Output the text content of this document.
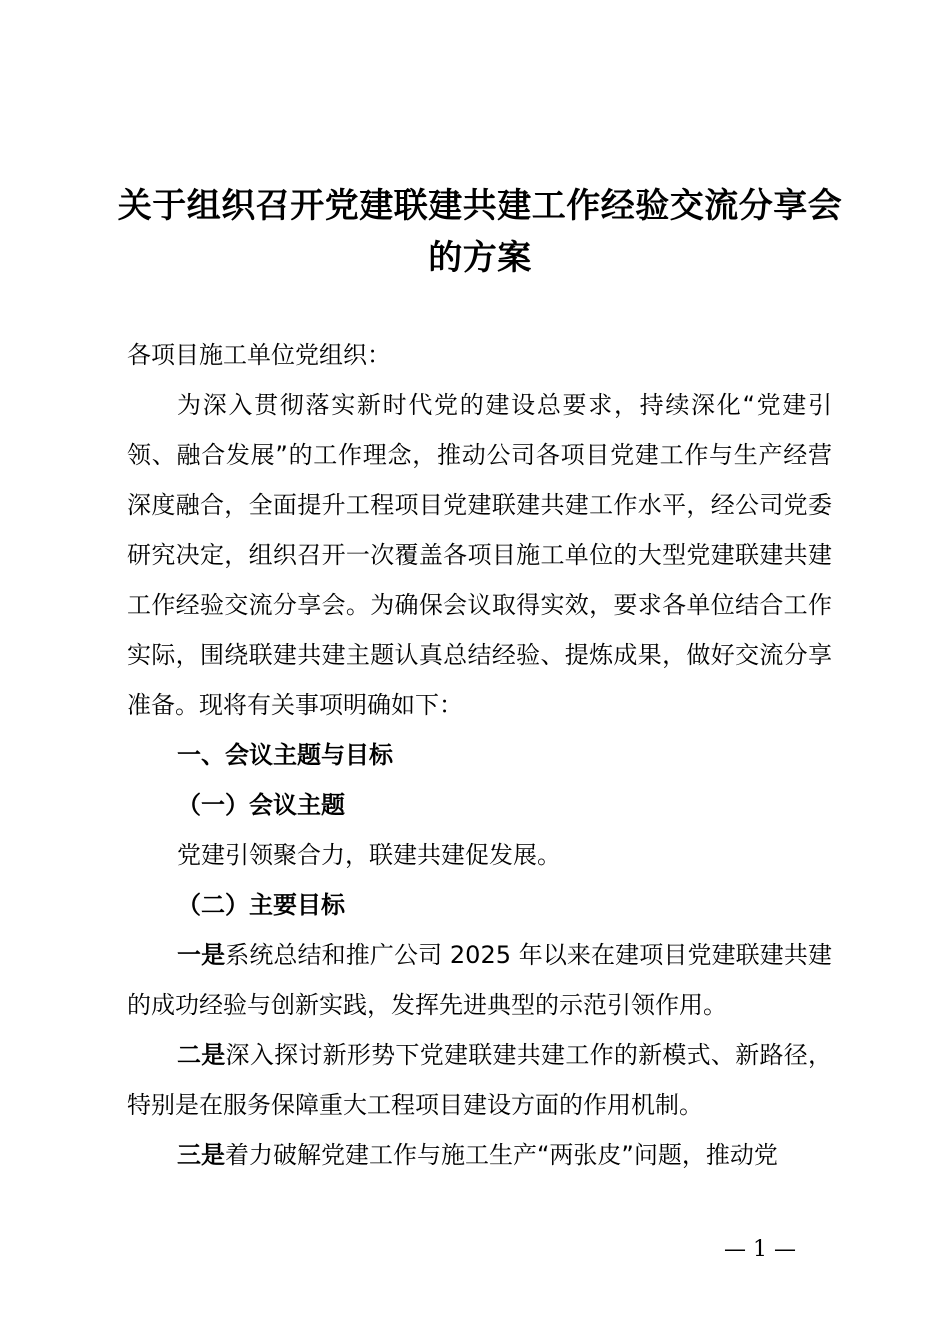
关于组织召开党建联建共建工作经验交流分享会的方案

各项目施工单位党组织：

为深入贯彻落实新时代党的建设总要求，持续深化“党建引领、融合发展”的工作理念，推动公司各项目党建工作与生产经营深度融合，全面提升工程项目党建联建共建工作水平，经公司党委研究决定，组织召开一次覆盖各项目施工单位的大型党建联建共建工作经验交流分享会。为确保会议取得实效，要求各单位结合工作实际，围绕联建共建主题认真总结经验、提炼成果，做好交流分享准备。现将有关事项明确如下：

一、会议主题与目标

（一）会议主题

党建引领聚合力，联建共建促发展。

（二）主要目标

一是系统总结和推广公司 2025 年以来在建项目党建联建共建的成功经验与创新实践，发挥先进典型的示范引领作用。

二是深入探讨新形势下党建联建共建工作的新模式、新路径，特别是在服务保障重大工程项目建设方面的作用机制。

三是着力破解党建工作与施工生产“两张皮”问题，推动党

— 1 —
